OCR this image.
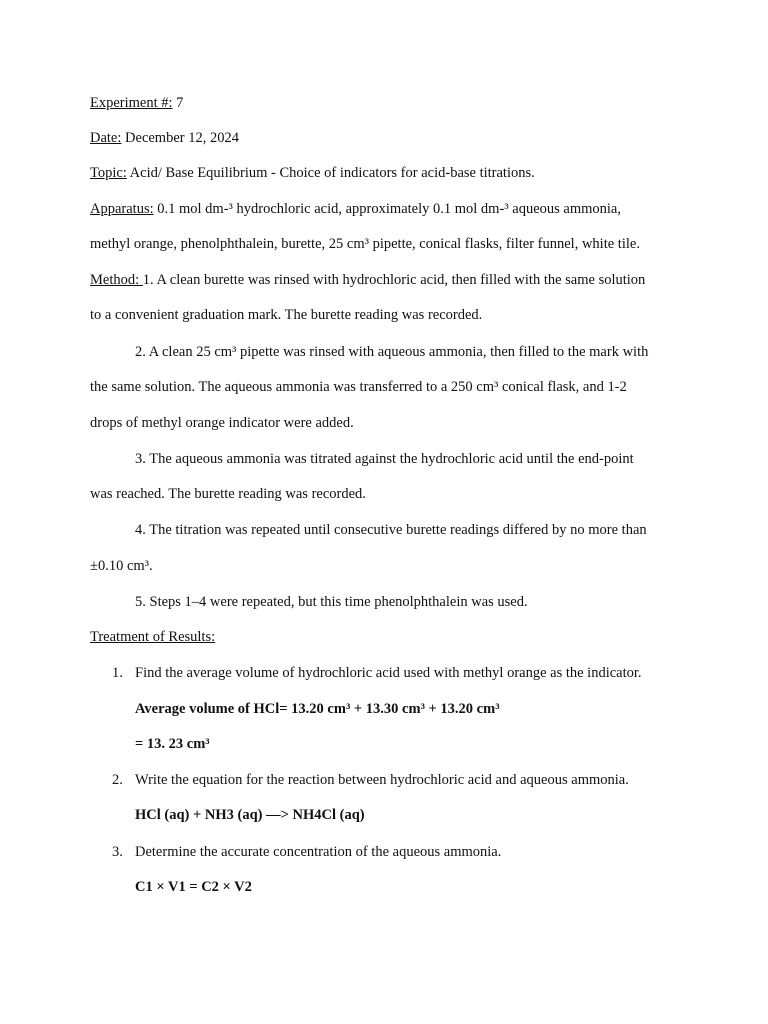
Experiment #: 7
Date: December 12, 2024
Topic: Acid/ Base Equilibrium - Choice of indicators for acid-base titrations.
Apparatus: 0.1 mol dm-³ hydrochloric acid, approximately 0.1 mol dm-³ aqueous ammonia,
methyl orange, phenolphthalein, burette, 25 cm³ pipette, conical flasks, filter funnel, white tile.
Method: 1. A clean burette was rinsed with hydrochloric acid, then filled with the same solution
to a convenient graduation mark. The burette reading was recorded.
2. A clean 25 cm³ pipette was rinsed with aqueous ammonia, then filled to the mark with
the same solution. The aqueous ammonia was transferred to a 250 cm³ conical flask, and 1-2
drops of methyl orange indicator were added.
3. The aqueous ammonia was titrated against the hydrochloric acid until the end-point
was reached. The burette reading was recorded.
4. The titration was repeated until consecutive burette readings differed by no more than
±0.10 cm³.
5. Steps 1–4 were repeated, but this time phenolphthalein was used.
Treatment of Results:
1. Find the average volume of hydrochloric acid used with methyl orange as the indicator.
Average volume of HCl= 13.20 cm³ + 13.30 cm³ + 13.20 cm³
= 13. 23 cm³
2. Write the equation for the reaction between hydrochloric acid and aqueous ammonia.
HCl (aq) + NH3 (aq) —> NH4Cl (aq)
3. Determine the accurate concentration of the aqueous ammonia.
C1 × V1 = C2 × V2
